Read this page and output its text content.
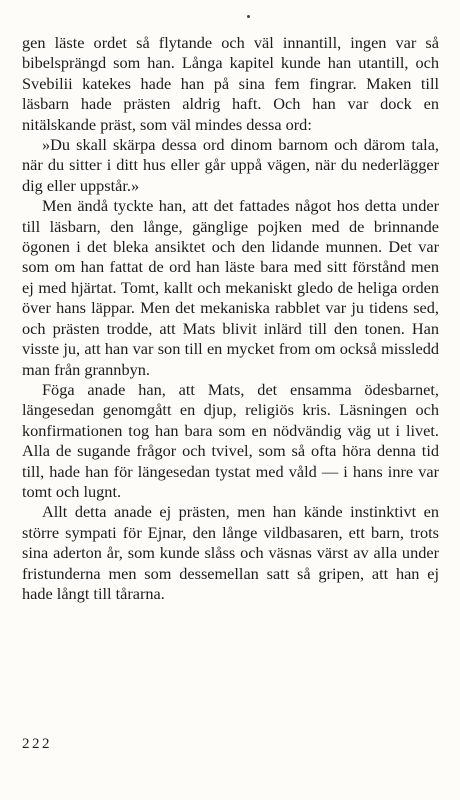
gen läste ordet så flytande och väl innantill, ingen var så bibelsprängd som han. Långa kapitel kunde han utantill, och Svebilii katekes hade han på sina fem fingrar. Maken till läsbarn hade prästen aldrig haft. Och han var dock en nitälskande präst, som väl mindes dessa ord:

»Du skall skärpa dessa ord dinom barnom och därom tala, när du sitter i ditt hus eller går uppå vägen, när du nederlägger dig eller uppstår.»

Men ändå tyckte han, att det fattades något hos detta under till läsbarn, den långe, gänglige pojken med de brinnande ögonen i det bleka ansiktet och den lidande munnen. Det var som om han fattat de ord han läste bara med sitt förstånd men ej med hjärtat. Tomt, kallt och mekaniskt gledo de heliga orden över hans läppar. Men det mekaniska rabblet var ju tidens sed, och prästen trodde, att Mats blivit inlärd till den tonen. Han visste ju, att han var son till en mycket from om också missledd man från grannbyn.

Föga anade han, att Mats, det ensamma ödesbarnet, längesedan genomgått en djup, religiös kris. Läsningen och konfirmationen tog han bara som en nödvändig väg ut i livet. Alla de sugande frågor och tvivel, som så ofta höra denna tid till, hade han för längesedan tystat med våld — i hans inre var tomt och lugnt.

Allt detta anade ej prästen, men han kände instinktivt en större sympati för Ejnar, den långe vildbasaren, ett barn, trots sina aderton år, som kunde slåss och väsnas värst av alla under fristunderna men som dessemellan satt så gripen, att han ej hade långt till tårarna.

222
